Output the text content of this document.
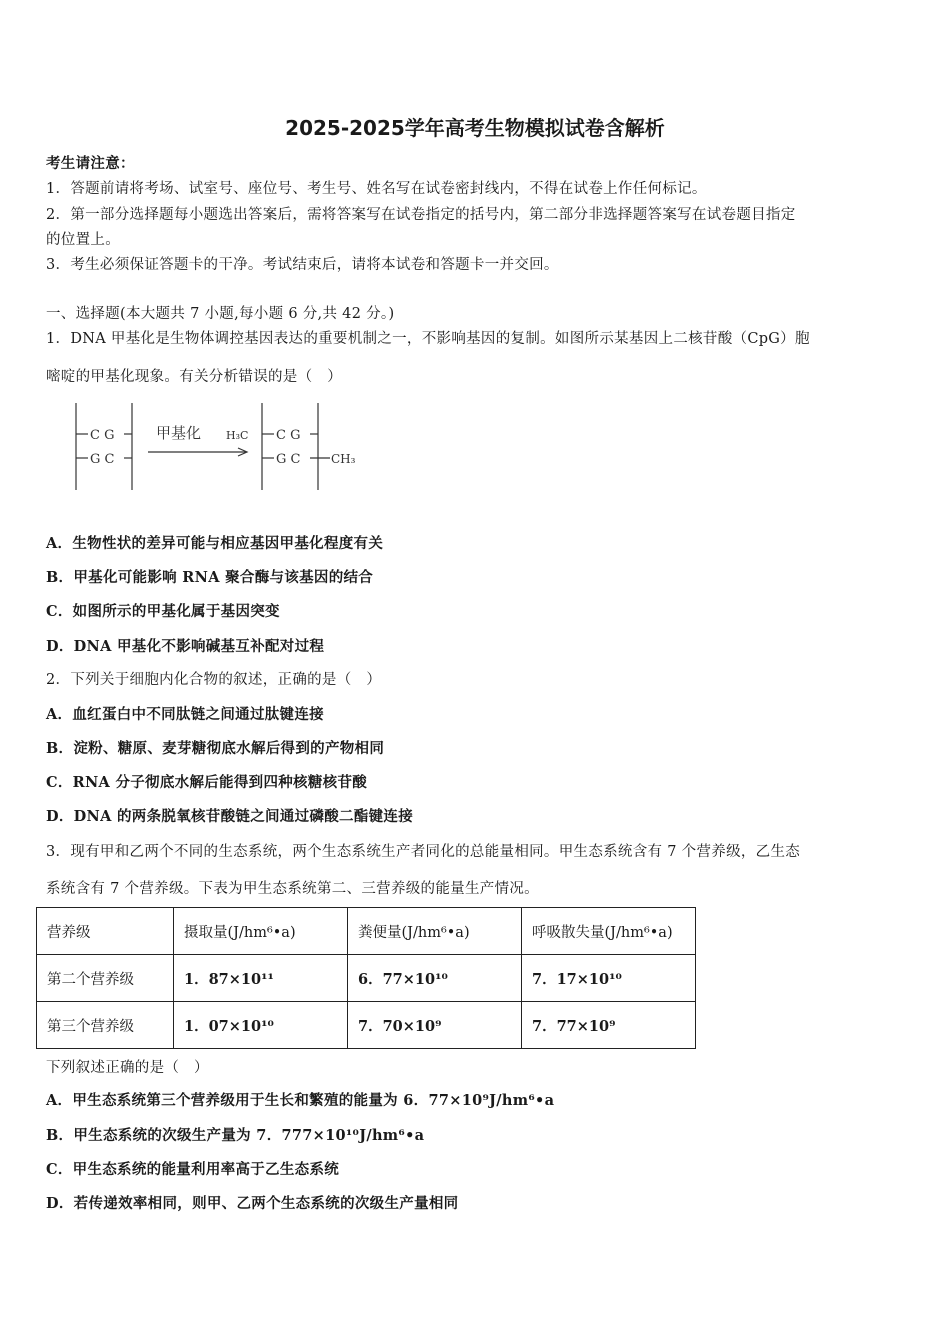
2025-2025学年高考生物模拟试卷含解析
考生请注意：
1．答题前请将考场、试室号、座位号、考生号、姓名写在试卷密封线内，不得在试卷上作任何标记。
2．第一部分选择题每小题选出答案后，需将答案写在试卷指定的括号内，第二部分非选择题答案写在试卷题目指定
的位置上。
3．考生必须保证答题卡的干净。考试结束后，请将本试卷和答题卡一并交回。
一、选择题(本大题共 7 小题,每小题 6 分,共 42 分。)
1．DNA 甲基化是生物体调控基因表达的重要机制之一，不影响基因的复制。如图所示某基因上二核苷酸（CpG）胞
嘧啶的甲基化现象。有关分析错误的是（　）
C G
G C
甲基化 H₃C C G
G C	CH₃
A．生物性状的差异可能与相应基因甲基化程度有关
B．甲基化可能影响 RNA 聚合酶与该基因的结合
C．如图所示的甲基化属于基因突变
D．DNA 甲基化不影响碱基互补配对过程
2．下列关于细胞内化合物的叙述，正确的是（　）
A．血红蛋白中不同肽链之间通过肽键连接
B．淀粉、糖原、麦芽糖彻底水解后得到的产物相同
C．RNA 分子彻底水解后能得到四种核糖核苷酸
D．DNA 的两条脱氧核苷酸链之间通过磷酸二酯键连接
3．现有甲和乙两个不同的生态系统，两个生态系统生产者同化的总能量相同。甲生态系统含有 7 个营养级，乙生态
系统含有 7 个营养级。下表为甲生态系统第二、三营养级的能量生产情况。
营养级	摄取量(J/hm⁶•a)	粪便量(J/hm⁶•a)	呼吸散失量(J/hm⁶•a)
第二个营养级	1．87×10¹¹	6．77×10¹⁰	7．17×10¹⁰
第三个营养级	1．07×10¹⁰	7．70×10⁹	7．77×10⁹
下列叙述正确的是（　）
A．甲生态系统第三个营养级用于生长和繁殖的能量为 6．77×10⁹J/hm⁶•a
B．甲生态系统的次级生产量为 7．777×10¹⁰J/hm⁶•a
C．甲生态系统的能量利用率高于乙生态系统
D．若传递效率相同，则甲、乙两个生态系统的次级生产量相同
